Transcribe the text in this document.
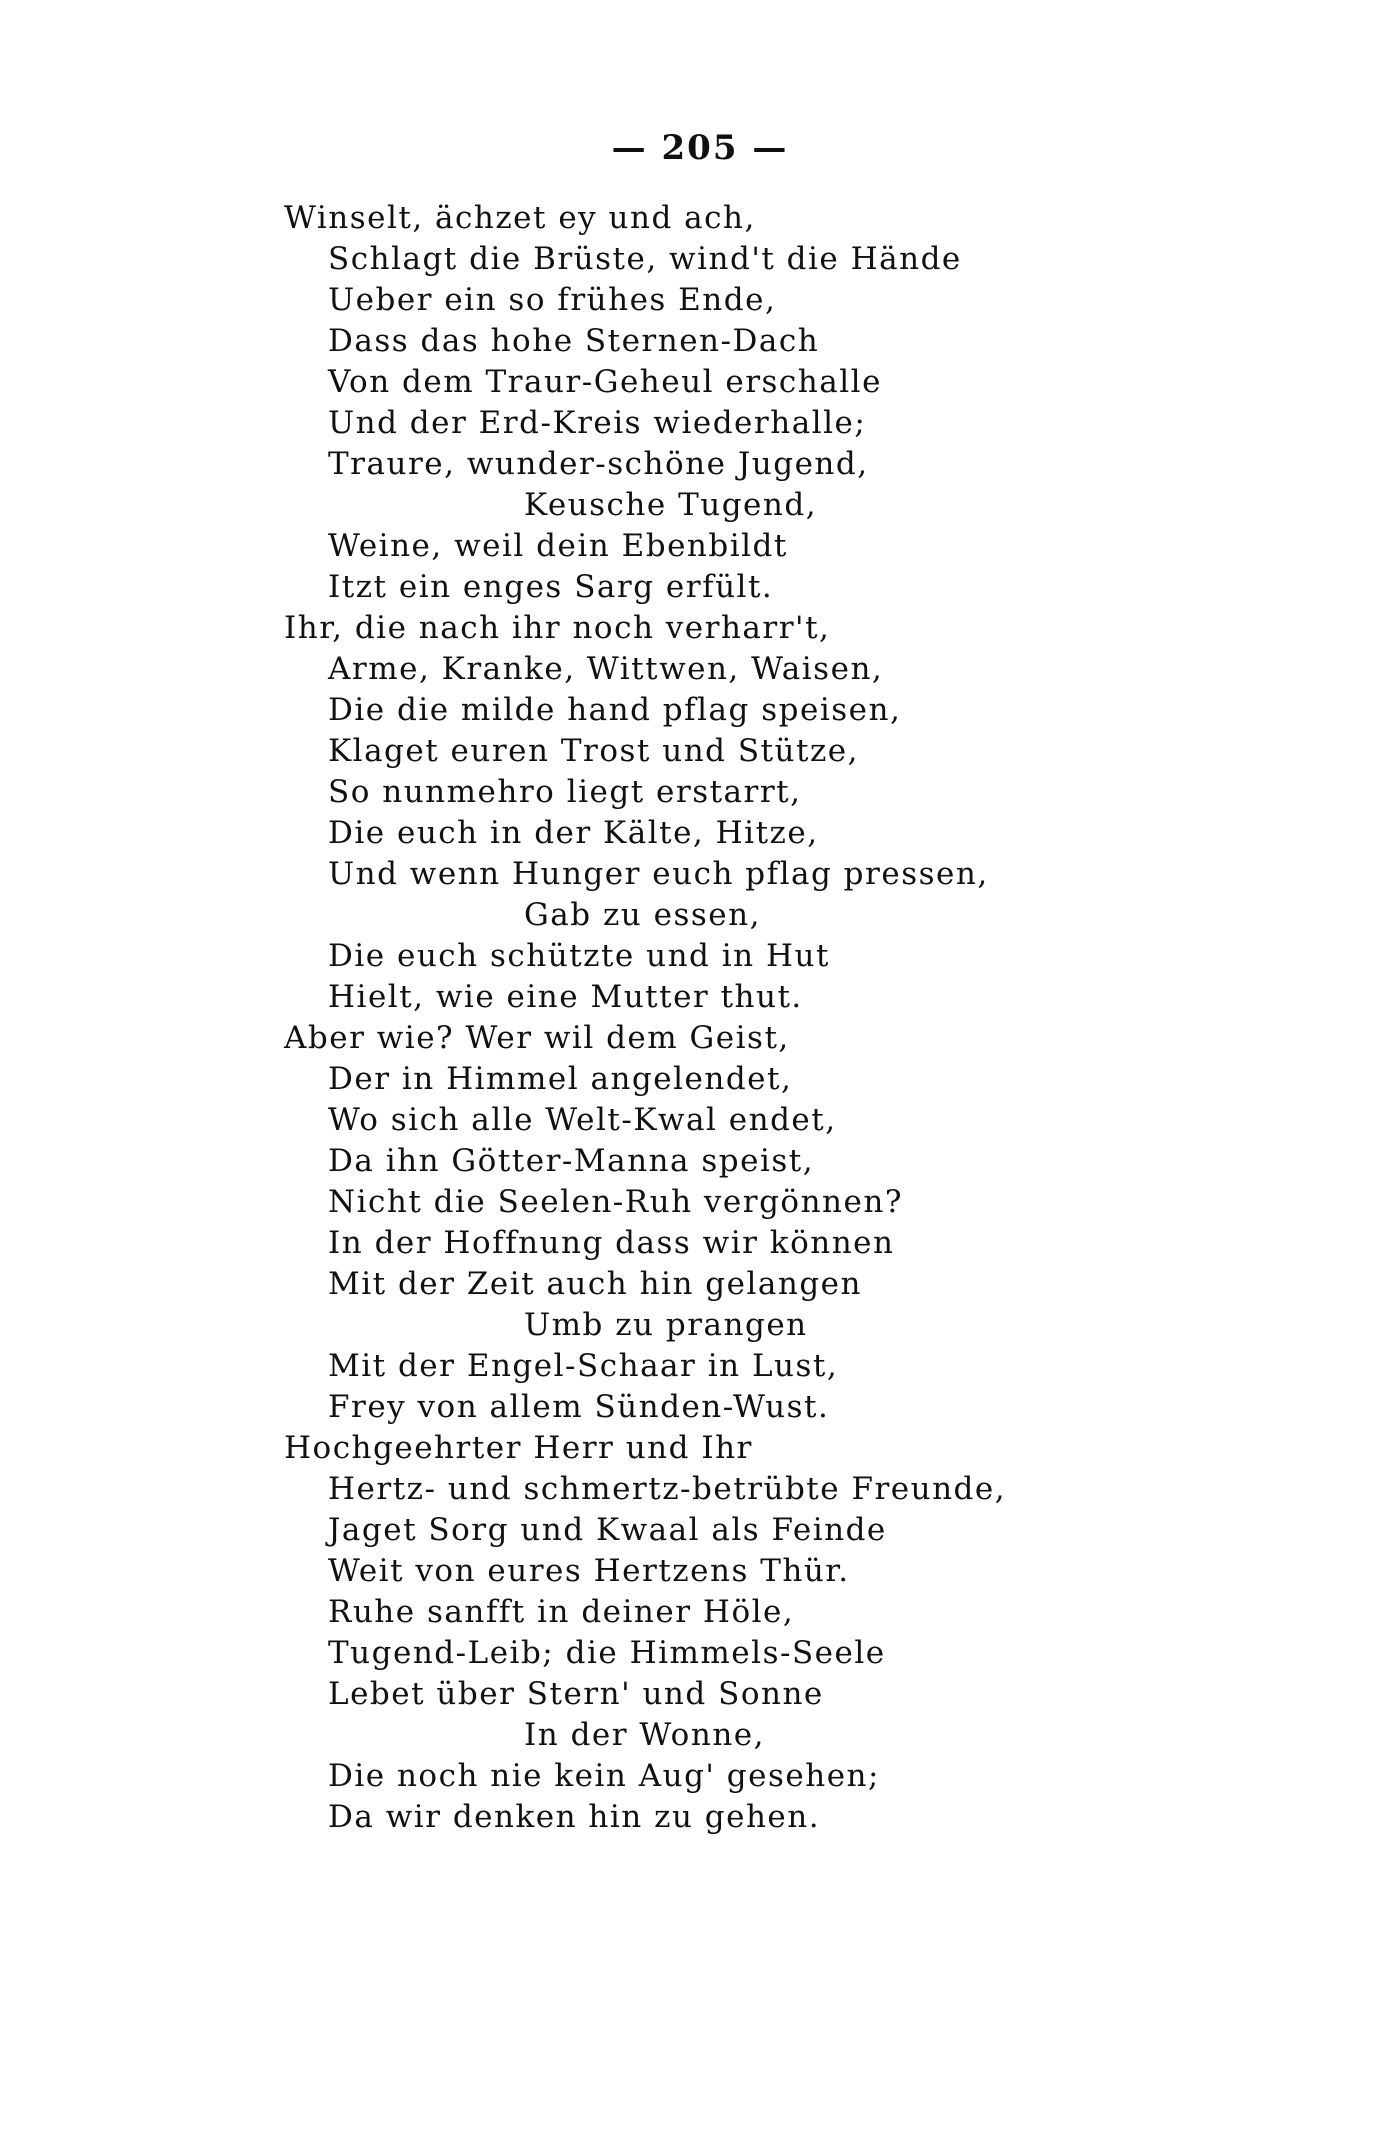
— 205 —
Winselt, ächzet ey und ach,
Schlagt die Brüste, wind't die Hände
Ueber ein so frühes Ende,
Dass das hohe Sternen-Dach
Von dem Traur-Geheul erschalle
Und der Erd-Kreis wiederhalle;
Traure, wunder-schöne Jugend,
Keusche Tugend,
Weine, weil dein Ebenbildt
Itzt ein enges Sarg erfült.
Ihr, die nach ihr noch verharr't,
Arme, Kranke, Wittwen, Waisen,
Die die milde hand pflag speisen,
Klaget euren Trost und Stütze,
So nunmehro liegt erstarrt,
Die euch in der Kälte, Hitze,
Und wenn Hunger euch pflag pressen,
Gab zu essen,
Die euch schützte und in Hut
Hielt, wie eine Mutter thut.
Aber wie? Wer wil dem Geist,
Der in Himmel angelendet,
Wo sich alle Welt-Kwal endet,
Da ihn Götter-Manna speist,
Nicht die Seelen-Ruh vergönnen?
In der Hoffnung dass wir können
Mit der Zeit auch hin gelangen
Umb zu prangen
Mit der Engel-Schaar in Lust,
Frey von allem Sünden-Wust.
Hochgeehrter Herr und Ihr
Hertz- und schmertz-betrübte Freunde,
Jaget Sorg und Kwaal als Feinde
Weit von eures Hertzens Thür.
Ruhe sanfft in deiner Höle,
Tugend-Leib; die Himmels-Seele
Lebet über Stern' und Sonne
In der Wonne,
Die noch nie kein Aug' gesehen;
Da wir denken hin zu gehen.
